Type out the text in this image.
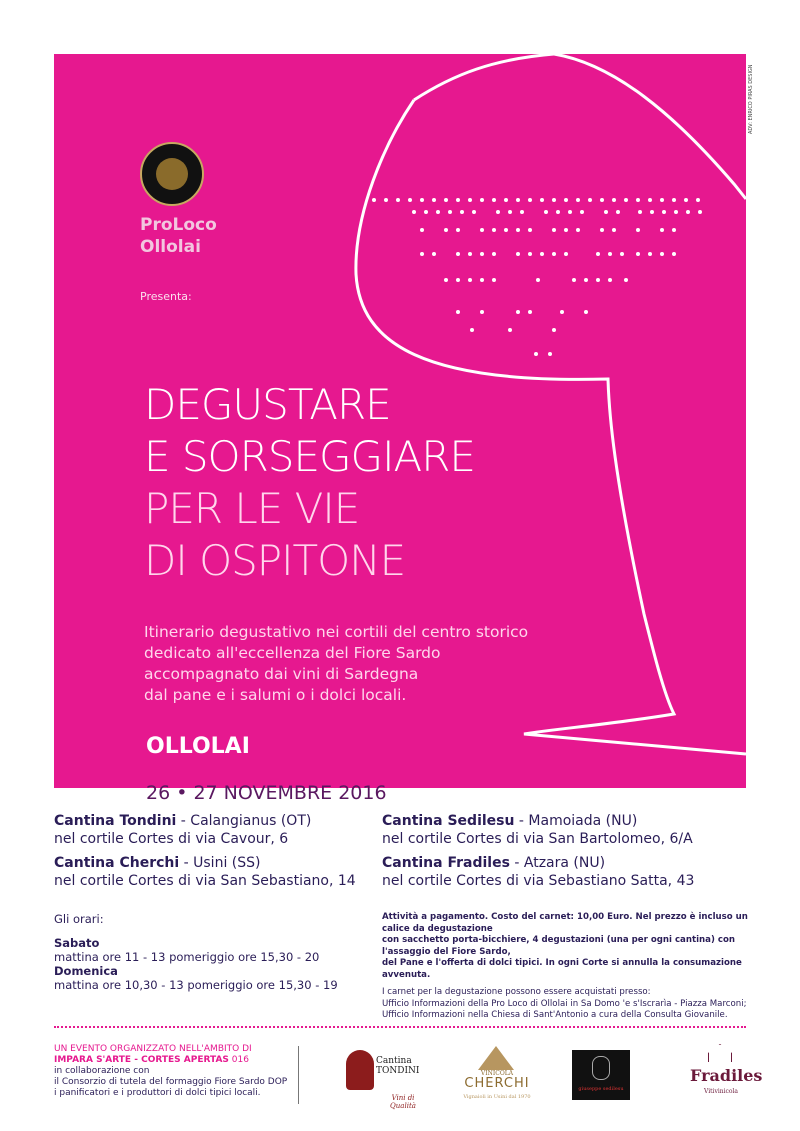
ProLoco
Ollolai
Presenta:
DEGUSTARE
E SORSEGGIARE
PER LE VIE
DI OSPITONE
Itinerario degustativo nei cortili del centro storico
dedicato all'eccellenza del Fiore Sardo
accompagnato dai vini di Sardegna
dal pane e i salumi o i dolci locali.
OLLOLAI
26 • 27 NOVEMBRE 2016
ADV: ENRICO PIRAS DESIGN
Cantina Tondini - Calangianus (OT)
nel cortile Cortes di via Cavour, 6
Cantina Cherchi - Usini (SS)
nel cortile Cortes di via San Sebastiano, 14
Cantina Sedilesu - Mamoiada (NU)
nel cortile Cortes di via San Bartolomeo, 6/A
Cantina Fradiles - Atzara (NU)
nel cortile Cortes di via Sebastiano Satta, 43
Gli orari:
Sabato
mattina ore 11 - 13 pomeriggio ore 15,30 - 20
Domenica
mattina ore 10,30 - 13 pomeriggio ore 15,30 - 19
Attività a pagamento. Costo del carnet: 10,00 Euro. Nel prezzo è incluso un calice da degustazione
con sacchetto porta-bicchiere, 4 degustazioni (una per ogni cantina) con l'assaggio del Fiore Sardo,
del Pane e l'offerta di dolci tipici. In ogni Corte si annulla la consumazione avvenuta.
I carnet per la degustazione possono essere acquistati presso:
Ufficio Informazioni della Pro Loco di Ollolai in Sa Domo 'e s'Iscrarìa - Piazza Marconi;
Ufficio Informazioni nella Chiesa di Sant'Antonio a cura della Consulta Giovanile.
UN EVENTO ORGANIZZATO NELL'AMBITO DI
IMPARA S'ARTE - CORTES APERTAS 016
in collaborazione con
il Consorzio di tutela del formaggio Fiore Sardo DOP
i panificatori e i produttori di dolci tipici locali.
Cantina
TONDINI
Vini di Qualità
VINICOLA
CHERCHI
Vignaioli in Usini dal 1970
giuseppe sedilesu
Fradiles
Vitivinicola
